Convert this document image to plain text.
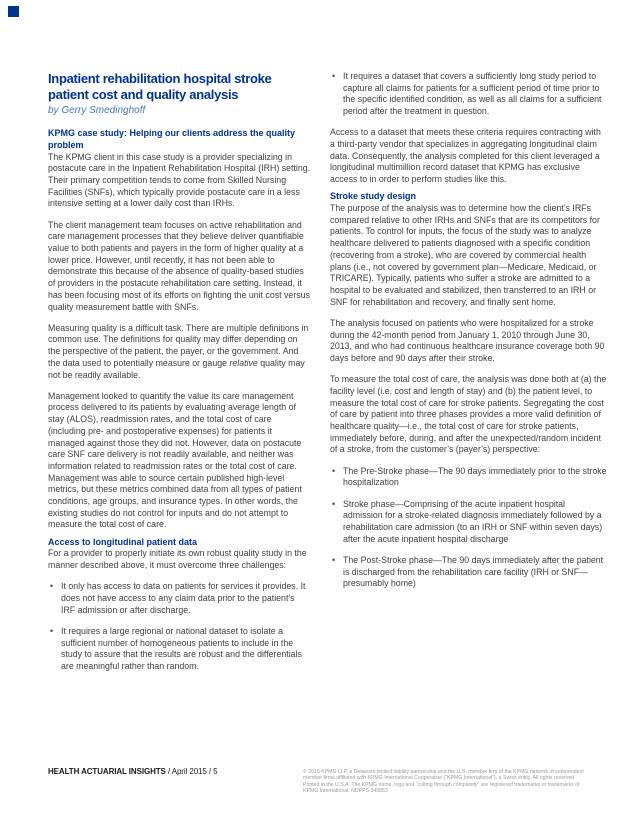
Inpatient rehabilitation hospital stroke
patient cost and quality analysis
by Gerry Smedinghoff
KPMG case study: Helping our clients address the quality problem

The KPMG client in this case study is a provider specializing in postacute care in the Inpatient Rehabilitation Hospital (IRH) setting. Their primary competition tends to come from Skilled Nursing Facilities (SNFs), which typically provide postacute care in a less intensive setting at a lower daily cost than IRHs.

The client management team focuses on active rehabilitation and care management processes that they believe deliver quantifiable value to both patients and payers in the form of higher quality at a lower price. However, until recently, it has not been able to demonstrate this because of the absence of quality-based studies of providers in the postacute rehabilitation care setting. Instead, it has been focusing most of its efforts on fighting the unit cost versus quality measurement battle with SNFs.

Measuring quality is a difficult task. There are multiple definitions in common use. The definitions for quality may differ depending on the perspective of the patient, the payer, or the government. And the data used to potentially measure or gauge relative quality may not be readily available.

Management looked to quantify the value its care management process delivered to its patients by evaluating average length of stay (ALOS), readmission rates, and the total cost of care (including pre- and postoperative expenses) for patients it managed against those they did not. However, data on postacute care SNF care delivery is not readily available, and neither was information related to readmission rates or the total cost of care. Management was able to source certain published high-level metrics, but these metrics combined data from all types of patient conditions, age groups, and insurance types. In other words, the existing studies do not control for inputs and do not attempt to measure the total cost of care.

Access to longitudinal patient data

For a provider to properly initiate its own robust quality study in the manner described above, it must overcome three challenges:

• It only has access to data on patients for services it provides. It does not have access to any claim data prior to the patient’s IRF admission or after discharge.
• It requires a large regional or national dataset to isolate a sufficient number of homogeneous patients to include in the study to assure that the results are robust and the differentials are meaningful rather than random.
• It requires a dataset that covers a sufficiently long study period to capture all claims for patients for a sufficient period of time prior to the specific identified condition, as well as all claims for a sufficient period after the treatment in question.

Access to a dataset that meets these criteria requires contracting with a third-party vendor that specializes in aggregating longitudinal claim data. Consequently, the analysis completed for this client leveraged a longitudinal multimillion record dataset that KPMG has exclusive access to in order to perform studies like this.

Stroke study design

The purpose of the analysis was to determine how the client’s IRFs compared relative to other IRHs and SNFs that are its competitors for patients. To control for inputs, the focus of the study was to analyze healthcare delivered to patients diagnosed with a specific condition (recovering from a stroke), who are covered by commercial health plans (i.e., not covered by government plan—Medicare, Medicaid, or TRICARE). Typically, patients who suffer a stroke are admitted to a hospital to be evaluated and stabilized, then transferred to an IRH or SNF for rehabilitation and recovery, and finally sent home.

The analysis focused on patients who were hospitalized for a stroke during the 42-month period from January 1, 2010 through June 30, 2013, and who had continuous healthcare insurance coverage both 90 days before and 90 days after their stroke.

To measure the total cost of care, the analysis was done both at (a) the facility level (i.e. cost and length of stay) and (b) the patient level, to measure the total cost of care for stroke patients. Segregating the cost of care by patient into three phases provides a more valid definition of healthcare quality—i.e., the total cost of care for stroke patients, immediately before, during, and after the unexpected/random incident of a stroke, from the customer’s (payer’s) perspective:

• The Pre-Stroke phase—The 90 days immediately prior to the stroke hospitalization
• Stroke phase—Comprising of the acute inpatient hospital admission for a stroke-related diagnosis immediately followed by a rehabilitation care admission (to an IRH or SNF within seven days) after the acute inpatient hospital discharge
• The Post-Stroke phase—The 90 days immediately after the patient is discharged from the rehabilitation care facility (IRH or SNF—presumably home)
HEALTH ACTUARIAL INSIGHTS / April 2015 / 5	© 2015 KPMG LLP, a Delaware limited liability partnership and the U.S. member firm of the KPMG network of independent
member firms affiliated with KPMG International Cooperative (“KPMG International”), a Swiss entity. All rights reserved.
Printed in the U.S.A. The KPMG name, logo and “cutting through complexity” are registered trademarks or trademarks of
KPMG International. NDPPS 349853
